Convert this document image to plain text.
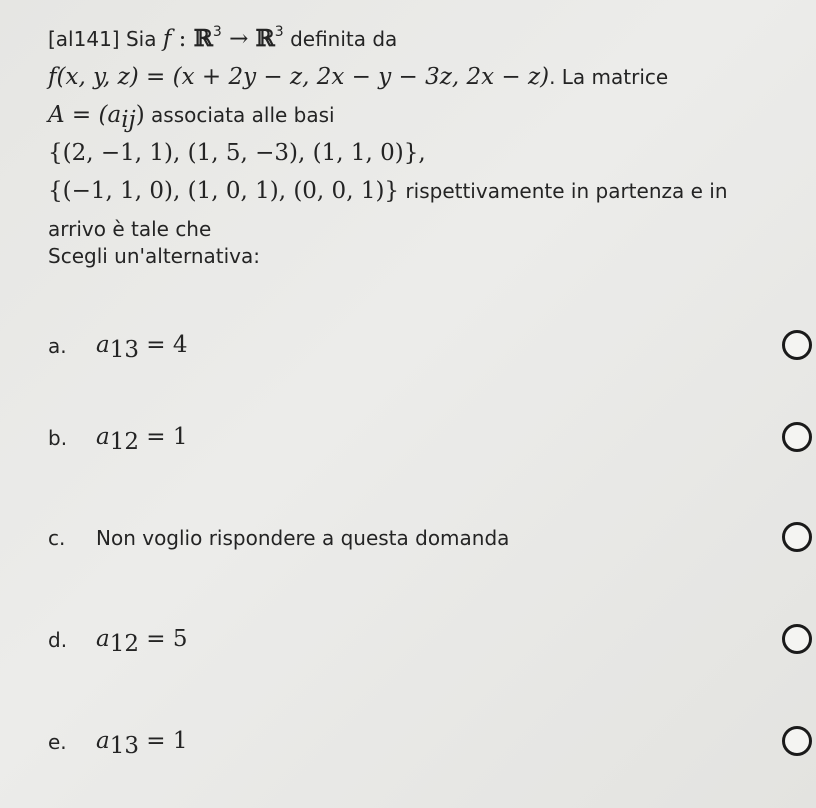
[al141] Sia f : ℝ$^3$ → ℝ$^3$ definita da
f(x, y, z) = (x + 2y − z, 2x − y − 3z, 2x − z). La matrice
$A = (a_{ij})$ associata alle basi
{(2, −1, 1), (1, 5, −3), (1, 1, 0)},
{(−1, 1, 0), (1, 0, 1), (0, 0, 1)} rispettivamente in partenza e in
arrivo è tale che
Scegli un'alternativa:
a. $a_{13} = 4$
b. $a_{12} = 1$
c. Non voglio rispondere a questa domanda
d. $a_{12} = 5$
e. $a_{13} = 1$
